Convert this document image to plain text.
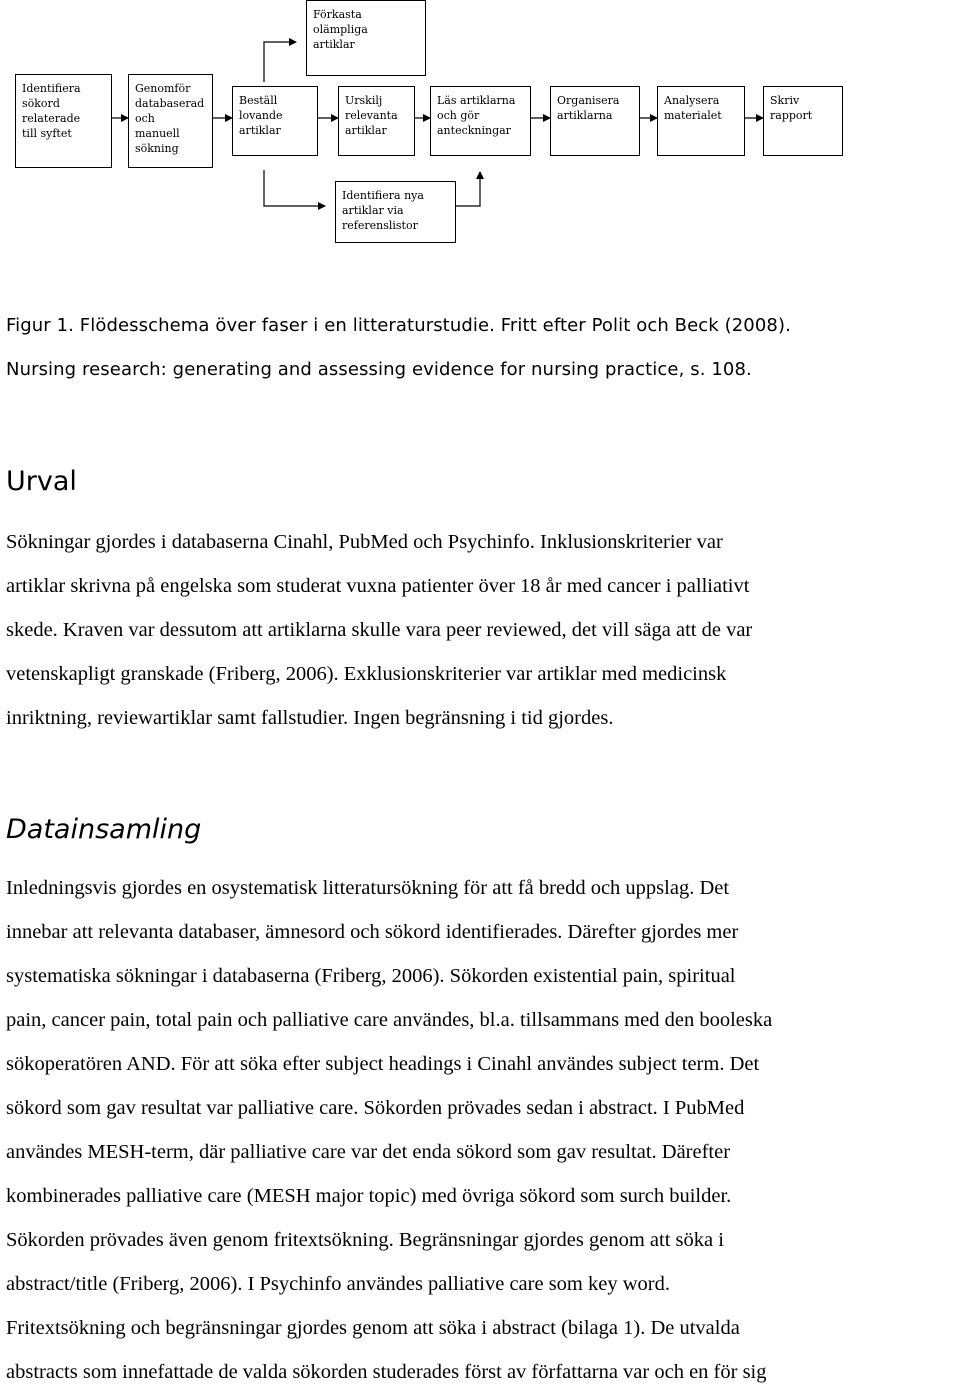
Förkasta
olämpliga
artiklar
Identifiera
sökord
relaterade
till syftet
Genomför
databaserad
och
manuell
sökning
Beställ
lovande
artiklar
Urskilj
relevanta
artiklar
Läs artiklarna
och gör
anteckningar
Organisera
artiklarna
Analysera
materialet
Skriv
rapport
Identifiera nya
artiklar via
referenslistor
Figur 1. Flödesschema över faser i en litteraturstudie. Fritt efter Polit och Beck (2008).
Nursing research: generating and assessing evidence for nursing practice, s. 108.
Urval
Sökningar gjordes i databaserna Cinahl, PubMed och Psychinfo. Inklusionskriterier var
artiklar skrivna på engelska som studerat vuxna patienter över 18 år med cancer i palliativt
skede. Kraven var dessutom att artiklarna skulle vara peer reviewed, det vill säga att de var
vetenskapligt granskade (Friberg, 2006). Exklusionskriterier var artiklar med medicinsk
inriktning, reviewartiklar samt fallstudier. Ingen begränsning i tid gjordes.
Datainsamling
Inledningsvis gjordes en osystematisk litteratursökning för att få bredd och uppslag. Det
innebar att relevanta databaser, ämnesord och sökord identifierades. Därefter gjordes mer
systematiska sökningar i databaserna (Friberg, 2006). Sökorden existential pain, spiritual
pain, cancer pain, total pain och palliative care användes, bl.a. tillsammans med den booleska
sökoperatören AND. För att söka efter subject headings i Cinahl användes subject term. Det
sökord som gav resultat var palliative care. Sökorden prövades sedan i abstract. I PubMed
användes MESH-term, där palliative care var det enda sökord som gav resultat. Därefter
kombinerades palliative care (MESH major topic) med övriga sökord som surch builder.
Sökorden prövades även genom fritextsökning. Begränsningar gjordes genom att söka i
abstract/title (Friberg, 2006). I Psychinfo användes palliative care som key word.
Fritextsökning och begränsningar gjordes genom att söka i abstract (bilaga 1). De utvalda
abstracts som innefattade de valda sökorden studerades först av författarna var och en för sig
